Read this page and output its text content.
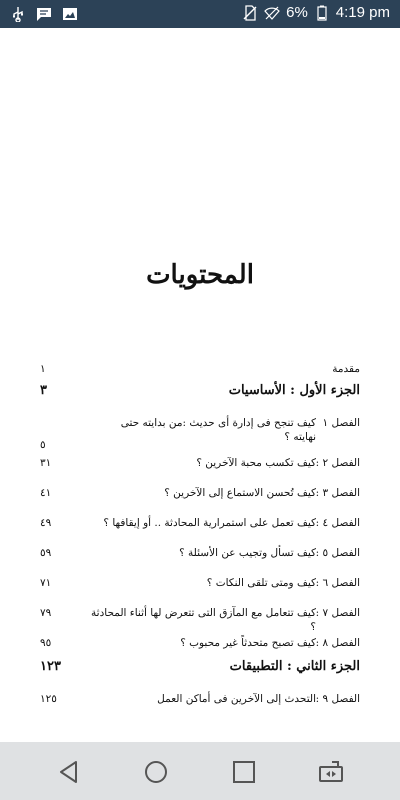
6% 4:19 pm
المحتويات
مقدمة
١
الجزء الأول : الأساسيات
٣
الفصل ١
كيف تنجح فى إدارة أى حديث :من بدايته حتى نهايته ؟
٥
الفصل ٢ :
كيف تكسب محبة الآخرين ؟
٣١
الفصل ٣ :
كيف تُحسن الاستماع إلى الآخرين ؟
٤١
الفصل ٤ :
كيف تعمل على استمرارية المحادثة .. أو إيقافها ؟
٤٩
الفصل ٥ :
كيف تسأل وتجيب عن الأسئلة ؟
٥٩
الفصل ٦ :
كيف ومتى تلقى النكات ؟
٧١
الفصل ٧ :
كيف تتعامل مع المآزق التى تتعرض لها أثناء المحادثة ؟
٧٩
الفصل ٨ :
كيف تصبح متحدثاً غير محبوب ؟
٩٥
الجزء الثاني : التطبيقات
١٢٣
الفصل ٩ :
التحدث إلى الآخرين فى أماكن العمل
١٢٥
